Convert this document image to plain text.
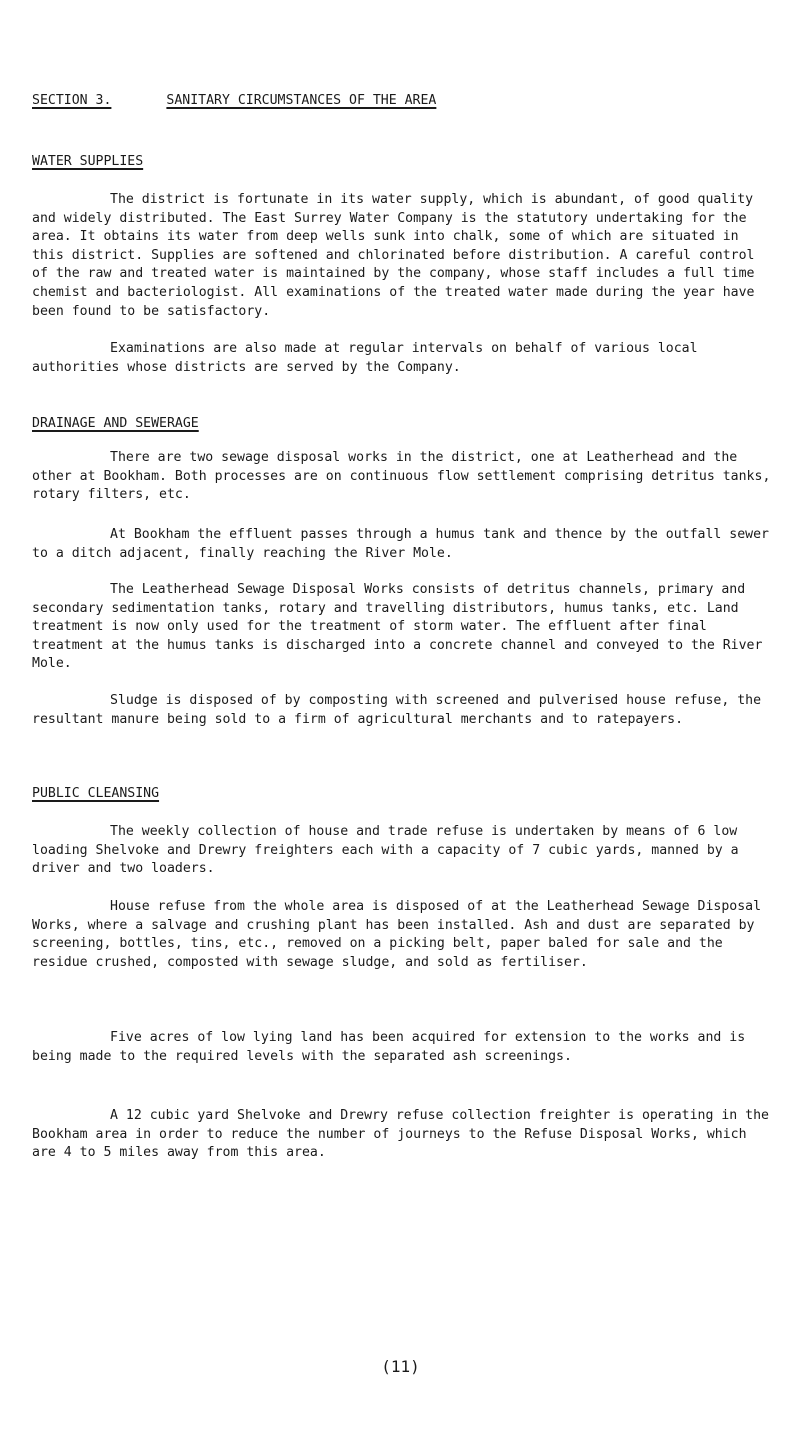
SECTION 3.	SANITARY CIRCUMSTANCES OF THE AREA
WATER SUPPLIES
The district is fortunate in its water supply, which is abundant, of good quality and widely distributed. The East Surrey Water Company is the statutory undertaking for the area. It obtains its water from deep wells sunk into chalk, some of which are situated in this district. Supplies are softened and chlorinated before distribution. A careful control of the raw and treated water is maintained by the company, whose staff includes a full time chemist and bacteriologist. All examinations of the treated water made during the year have been found to be satisfactory.
Examinations are also made at regular intervals on behalf of various local authorities whose districts are served by the Company.
DRAINAGE AND SEWERAGE
There are two sewage disposal works in the district, one at Leatherhead and the other at Bookham. Both processes are on continuous flow settlement comprising detritus tanks, rotary filters, etc.
At Bookham the effluent passes through a humus tank and thence by the outfall sewer to a ditch adjacent, finally reaching the River Mole.
The Leatherhead Sewage Disposal Works consists of detritus channels, primary and secondary sedimentation tanks, rotary and travelling distributors, humus tanks, etc. Land treatment is now only used for the treatment of storm water. The effluent after final treatment at the humus tanks is discharged into a concrete channel and conveyed to the River Mole.
Sludge is disposed of by composting with screened and pulverised house refuse, the resultant manure being sold to a firm of agricultural merchants and to ratepayers.
PUBLIC CLEANSING
The weekly collection of house and trade refuse is undertaken by means of 6 low loading Shelvoke and Drewry freighters each with a capacity of 7 cubic yards, manned by a driver and two loaders.
House refuse from the whole area is disposed of at the Leatherhead Sewage Disposal Works, where a salvage and crushing plant has been installed. Ash and dust are separated by screening, bottles, tins, etc., removed on a picking belt, paper baled for sale and the residue crushed, composted with sewage sludge, and sold as fertiliser.
Five acres of low lying land has been acquired for extension to the works and is being made to the required levels with the separated ash screenings.
A 12 cubic yard Shelvoke and Drewry refuse collection freighter is operating in the Bookham area in order to reduce the number of journeys to the Refuse Disposal Works, which are 4 to 5 miles away from this area.
(11)
